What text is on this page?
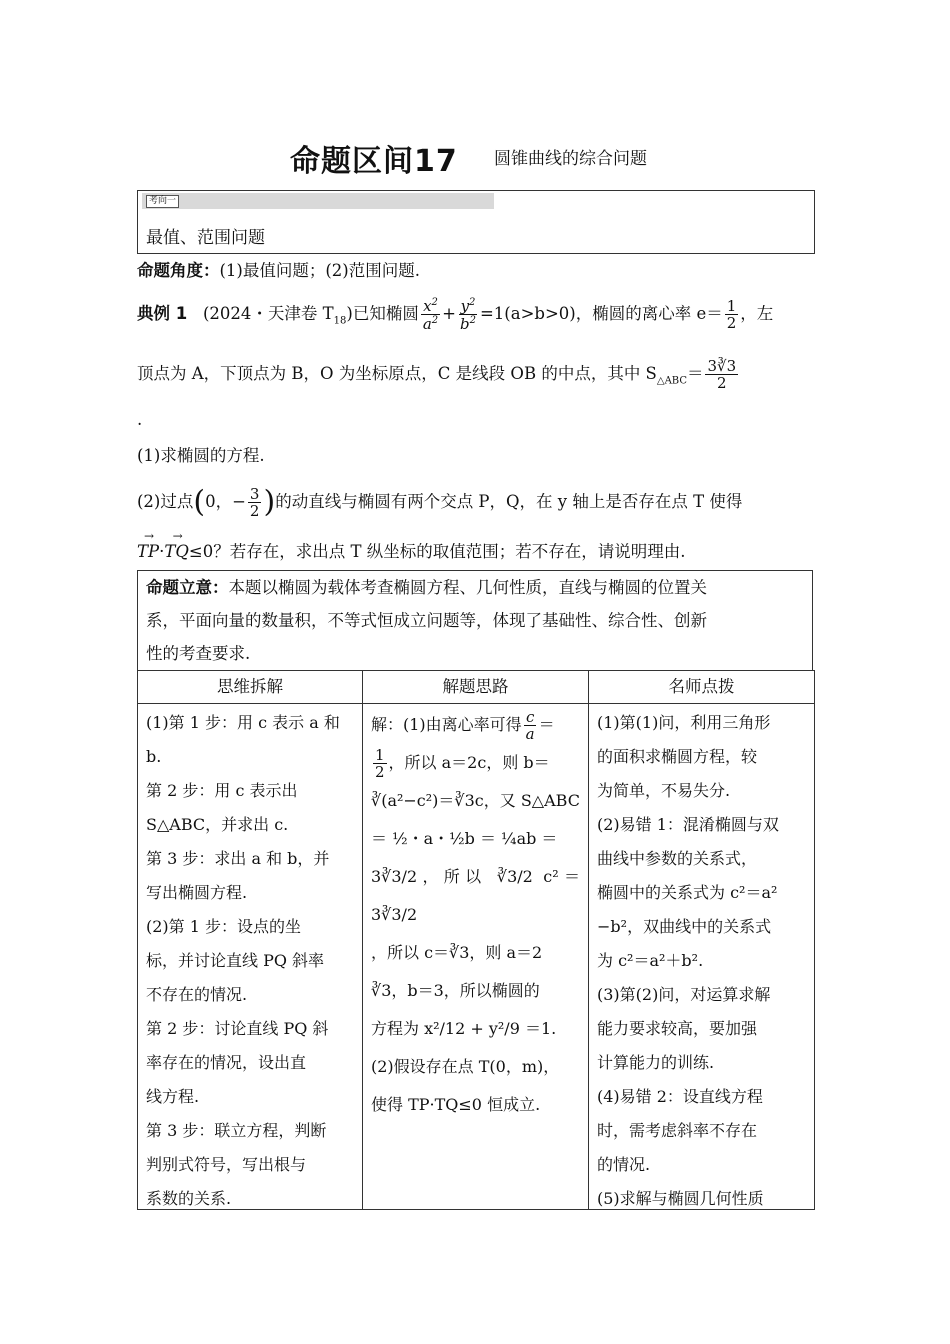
命题区间17 圆锥曲线的综合问题
考向一
最值、范围问题
命题角度：(1)最值问题；(2)范围问题.
典例 1 (2024・天津卷 $T_{18}$)已知椭圆 $\frac{x^2}{a^2} + \frac{y^2}{b^2} =1(a>b>0)$，椭圆的离心率 $e= \frac{1}{2}$ ，左
顶点为 A，下顶点为 B，O 为坐标原点，C 是线段 OB 的中点，其中 $S_{\triangle ABC}= \frac{3∛3}{2}$
.
(1)求椭圆的方程.
(2)过点(0，− $\frac{3}{2}$ )的动直线与椭圆有两个交点 P，Q，在 y 轴上是否存在点 T 使得
→ TP·→ TQ≤0？若存在，求出点 T 纵坐标的取值范围；若不存在，请说明理由.
命题立意：本题以椭圆为载体考查椭圆方程、几何性质，直线与椭圆的位置关
系，平面向量的数量积，不等式恒成立问题等，体现了基础性、综合性、创新
性的考查要求.
思维拆解
(1)第 1 步：用 c 表示 a 和
b.
第 2 步：用 c 表示出
S△ABC，并求出 c.
第 3 步：求出 a 和 b，并
写出椭圆方程.
(2)第 1 步：设点的坐
标，并讨论直线 PQ 斜率
不存在的情况.
第 2 步：讨论直线 PQ 斜
率存在的情况，设出直
线方程.
第 3 步：联立方程，判断
判别式符号，写出根与
系数的关系.
解题思路
解：(1)由离心率可得 $\frac{c}{a}$ ＝
$\frac{1}{2}$ ，所以 a＝2c，则 b＝
∛(a²−c²)＝∛3c，又 S△ABC
＝ ½・a・½b ＝ ¼ab ＝
3∛3/2，所以 ∛3/2 c²＝3∛3/2
，所以 c＝∛3，则 a＝2
∛3，b＝3，所以椭圆的
方程为 x²/12 + y²/9 ＝1.
(2)假设存在点 T(0，m)，
使得 TP·TQ≤0 恒成立.
名师点拨
(1)第(1)问，利用三角形
的面积求椭圆方程，较
为简单，不易失分.
(2)易错 1：混淆椭圆与双
曲线中参数的关系式，
椭圆中的关系式为 c²＝a²
−b²，双曲线中的关系式
为 c²＝a²＋b².
(3)第(2)问，对运算求解
能力要求较高，要加强
计算能力的训练.
(4)易错 2：设直线方程
时，需考虑斜率不存在
的情况.
(5)求解与椭圆几何性质
